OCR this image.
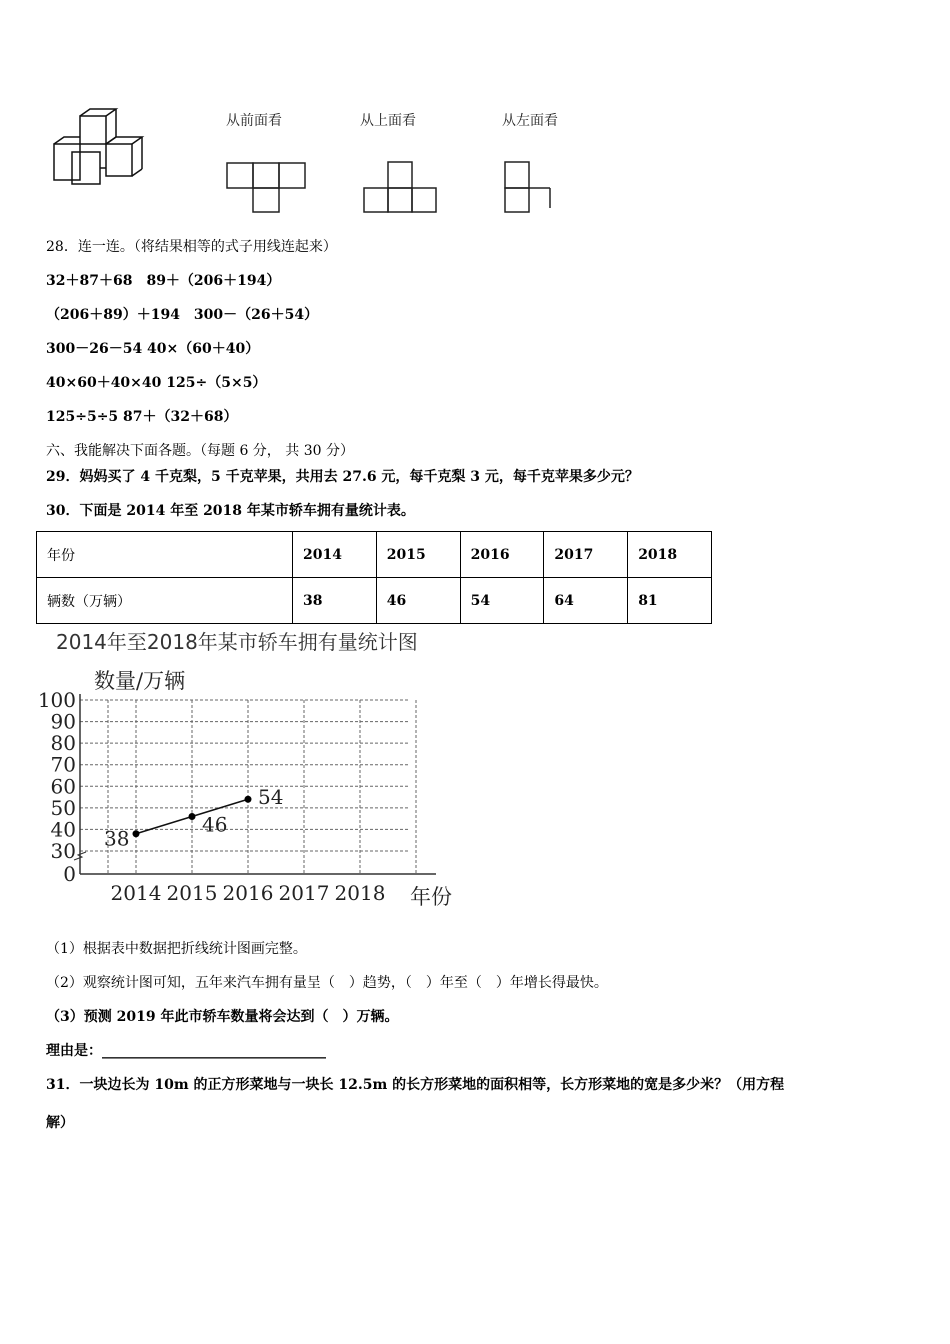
从前面看	从上面看	从左面看
28．连一连。（将结果相等的式子用线连起来）
32＋87＋68　89＋（206＋194）
（206＋89）＋194　300－（26＋54）
300－26－54 40×（60＋40）
40×60＋40×40 125÷（5×5）
125÷5÷5 87＋（32＋68）
六、我能解决下面各题。（每题 6 分， 共 30 分）
29．妈妈买了 4 千克梨，5 千克苹果，共用去 27.6 元，每千克梨 3 元，每千克苹果多少元？
30．下面是 2014 年至 2018 年某市轿车拥有量统计表。
年份	2014	2015	2016	2017	2018
辆数（万辆）	38	46	54	64	81
2014年至2018年某市轿车拥有量统计图
100
90
80
70
60
50
40
30
0
2014 2015 2016 2017 2018
数量/万辆
年份
38
46
54
（1）根据表中数据把折线统计图画完整。
（2）观察统计图可知，五年来汽车拥有量呈（　）趋势，（　）年至（　）年增长得最快。
（3）预测 2019 年此市轿车数量将会达到（　）万辆。
理由是：________________________________
31．一块边长为 10m 的正方形菜地与一块长 12.5m 的长方形菜地的面积相等，长方形菜地的宽是多少米？（用方程
解）
